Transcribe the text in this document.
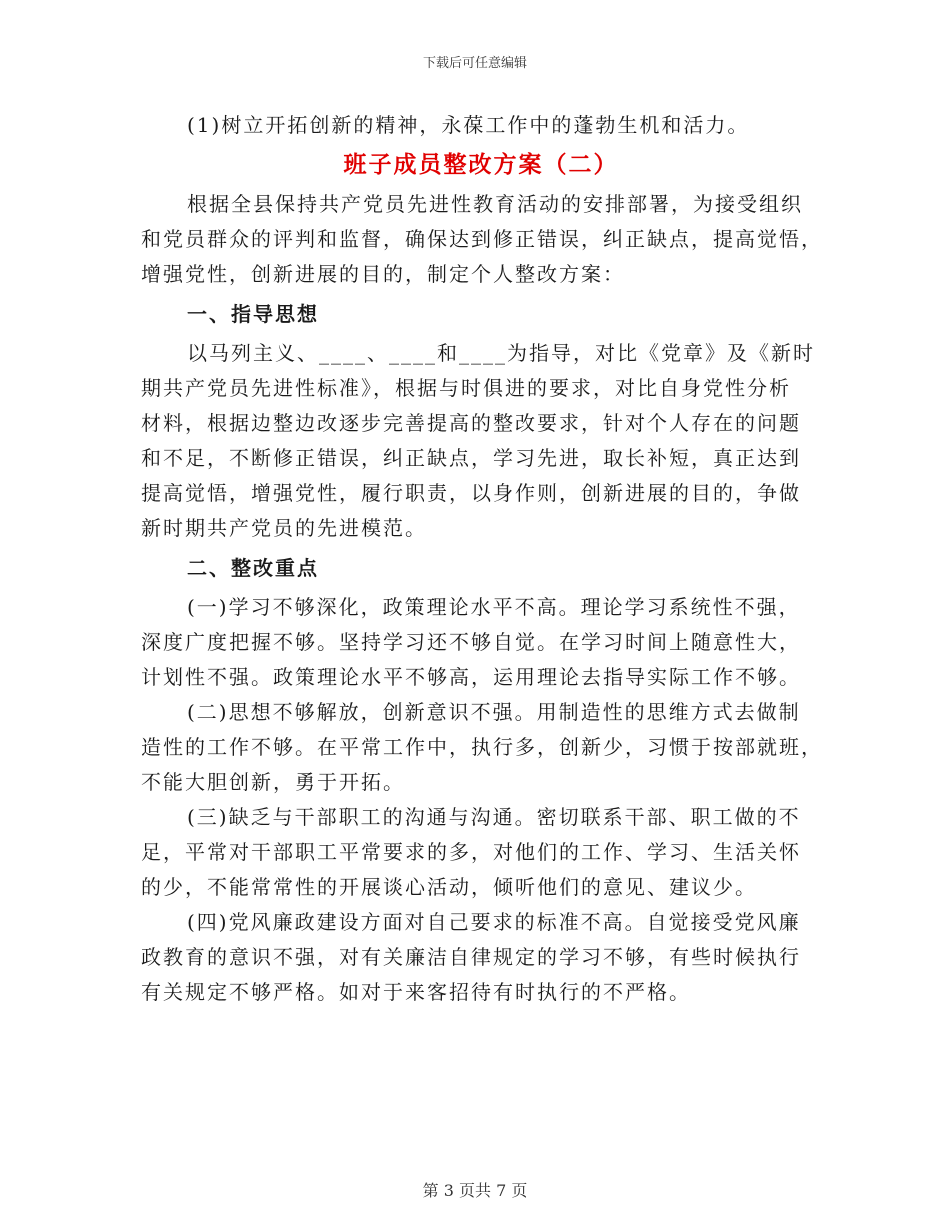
下载后可任意编辑

(1)树立开拓创新的精神，永葆工作中的蓬勃生机和活力。

班子成员整改方案（二）

根据全县保持共产党员先进性教育活动的安排部署，为接受组织
和党员群众的评判和监督，确保达到修正错误，纠正缺点，提高觉悟，
增强党性，创新进展的目的，制定个人整改方案：
一、指导思想
以马列主义、____、____和____为指导，对比《党章》及《新时
期共产党员先进性标准》，根据与时俱进的要求，对比自身党性分析
材料，根据边整边改逐步完善提高的整改要求，针对个人存在的问题
和不足，不断修正错误，纠正缺点，学习先进，取长补短，真正达到
提高觉悟，增强党性，履行职责，以身作则，创新进展的目的，争做
新时期共产党员的先进模范。
二、整改重点
(一)学习不够深化，政策理论水平不高。理论学习系统性不强，
深度广度把握不够。坚持学习还不够自觉。在学习时间上随意性大，
计划性不强。政策理论水平不够高，运用理论去指导实际工作不够。
(二)思想不够解放，创新意识不强。用制造性的思维方式去做制
造性的工作不够。在平常工作中，执行多，创新少，习惯于按部就班，
不能大胆创新，勇于开拓。
(三)缺乏与干部职工的沟通与沟通。密切联系干部、职工做的不
足，平常对干部职工平常要求的多，对他们的工作、学习、生活关怀
的少，不能常常性的开展谈心活动，倾听他们的意见、建议少。
(四)党风廉政建设方面对自己要求的标准不高。自觉接受党风廉
政教育的意识不强，对有关廉洁自律规定的学习不够，有些时候执行
有关规定不够严格。如对于来客招待有时执行的不严格。
第 3 页共 7 页
